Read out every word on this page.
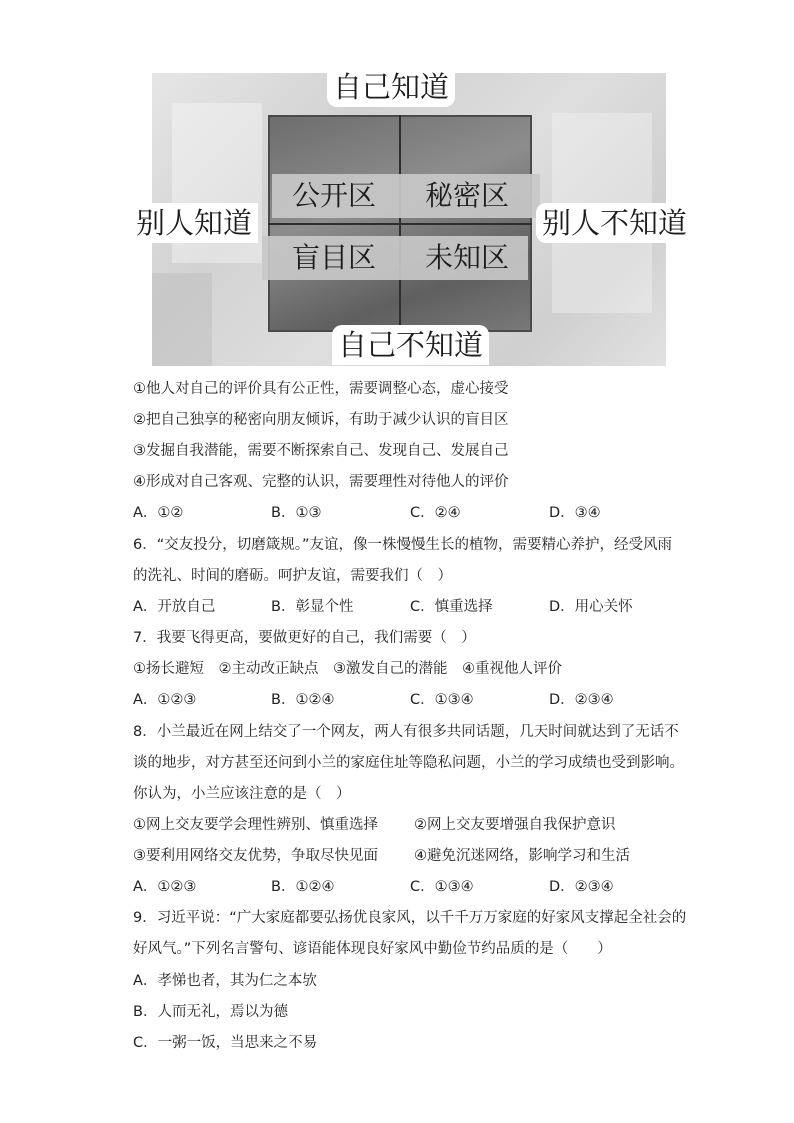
公开区 秘密区
盲目区 未知区
自己知道
别人知道	别人不知道
自己不知道
①他人对自己的评价具有公正性，需要调整心态，虚心接受
②把自己独享的秘密向朋友倾诉，有助于减少认识的盲目区
③发掘自我潜能，需要不断探索自己、发现自己、发展自己
④形成对自己客观、完整的认识，需要理性对待他人的评价
A．①②	B．①③	C．②④	D．③④
6．“交友投分，切磨箴规。”友谊，像一株慢慢生长的植物，需要精心养护，经受风雨
的洗礼、时间的磨砺。呵护友谊，需要我们（　）
A．开放自己	B．彰显个性	C．慎重选择	D．用心关怀
7．我要飞得更高，要做更好的自己，我们需要（　）
①扬长避短　②主动改正缺点　③激发自己的潜能　④重视他人评价
A．①②③	B．①②④	C．①③④	D．②③④
8．小兰最近在网上结交了一个网友，两人有很多共同话题，几天时间就达到了无话不
谈的地步，对方甚至还问到小兰的家庭住址等隐私问题，小兰的学习成绩也受到影响。
你认为，小兰应该注意的是（　）
①网上交友要学会理性辨别、慎重选择 ②网上交友要增强自我保护意识
③要利用网络交友优势，争取尽快见面 ④避免沉迷网络，影响学习和生活
A．①②③	B．①②④	C．①③④	D．②③④
9．习近平说：“广大家庭都要弘扬优良家风，以千千万万家庭的好家风支撑起全社会的
好风气。”下列名言警句、谚语能体现良好家风中勤俭节约品质的是（　　）
A．孝悌也者，其为仁之本欤
B．人而无礼，焉以为德
C．一粥一饭，当思来之不易
